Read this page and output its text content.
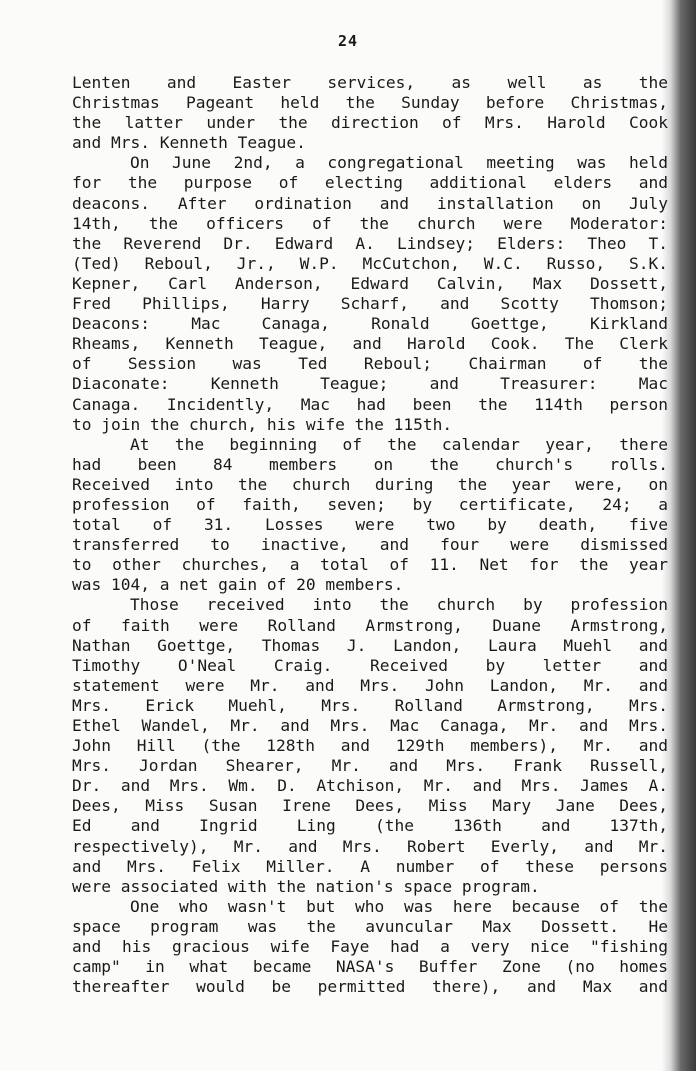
24
Lenten and Easter services, as well as the
Christmas Pageant held the Sunday before Christmas,
the latter under the direction of Mrs. Harold Cook
and Mrs. Kenneth Teague.
On June 2nd, a congregational meeting was held
for the purpose of electing additional elders and
deacons. After ordination and installation on July
14th, the officers of the church were Moderator:
the Reverend Dr. Edward A. Lindsey; Elders: Theo T.
(Ted) Reboul, Jr., W.P. McCutchon, W.C. Russo, S.K.
Kepner, Carl Anderson, Edward Calvin, Max Dossett,
Fred Phillips, Harry Scharf, and Scotty Thomson;
Deacons: Mac Canaga, Ronald Goettge, Kirkland
Rheams, Kenneth Teague, and Harold Cook. The Clerk
of Session was Ted Reboul; Chairman of the
Diaconate: Kenneth Teague; and Treasurer: Mac
Canaga. Incidently, Mac had been the 114th person
to join the church, his wife the 115th.
At the beginning of the calendar year, there
had been 84 members on the church's rolls.
Received into the church during the year were, on
profession of faith, seven; by certificate, 24; a
total of 31. Losses were two by death, five
transferred to inactive, and four were dismissed
to other churches, a total of 11. Net for the year
was 104, a net gain of 20 members.
Those received into the church by profession
of faith were Rolland Armstrong, Duane Armstrong,
Nathan Goettge, Thomas J. Landon, Laura Muehl and
Timothy O'Neal Craig. Received by letter and
statement were Mr. and Mrs. John Landon, Mr. and
Mrs. Erick Muehl, Mrs. Rolland Armstrong, Mrs.
Ethel Wandel, Mr. and Mrs. Mac Canaga, Mr. and Mrs.
John Hill (the 128th and 129th members), Mr. and
Mrs. Jordan Shearer, Mr. and Mrs. Frank Russell,
Dr. and Mrs. Wm. D. Atchison, Mr. and Mrs. James A.
Dees, Miss Susan Irene Dees, Miss Mary Jane Dees,
Ed and Ingrid Ling (the 136th and 137th,
respectively), Mr. and Mrs. Robert Everly, and Mr.
and Mrs. Felix Miller. A number of these persons
were associated with the nation's space program.
One who wasn't but who was here because of the
space program was the avuncular Max Dossett. He
and his gracious wife Faye had a very nice "fishing
camp" in what became NASA's Buffer Zone (no homes
thereafter would be permitted there), and Max and
